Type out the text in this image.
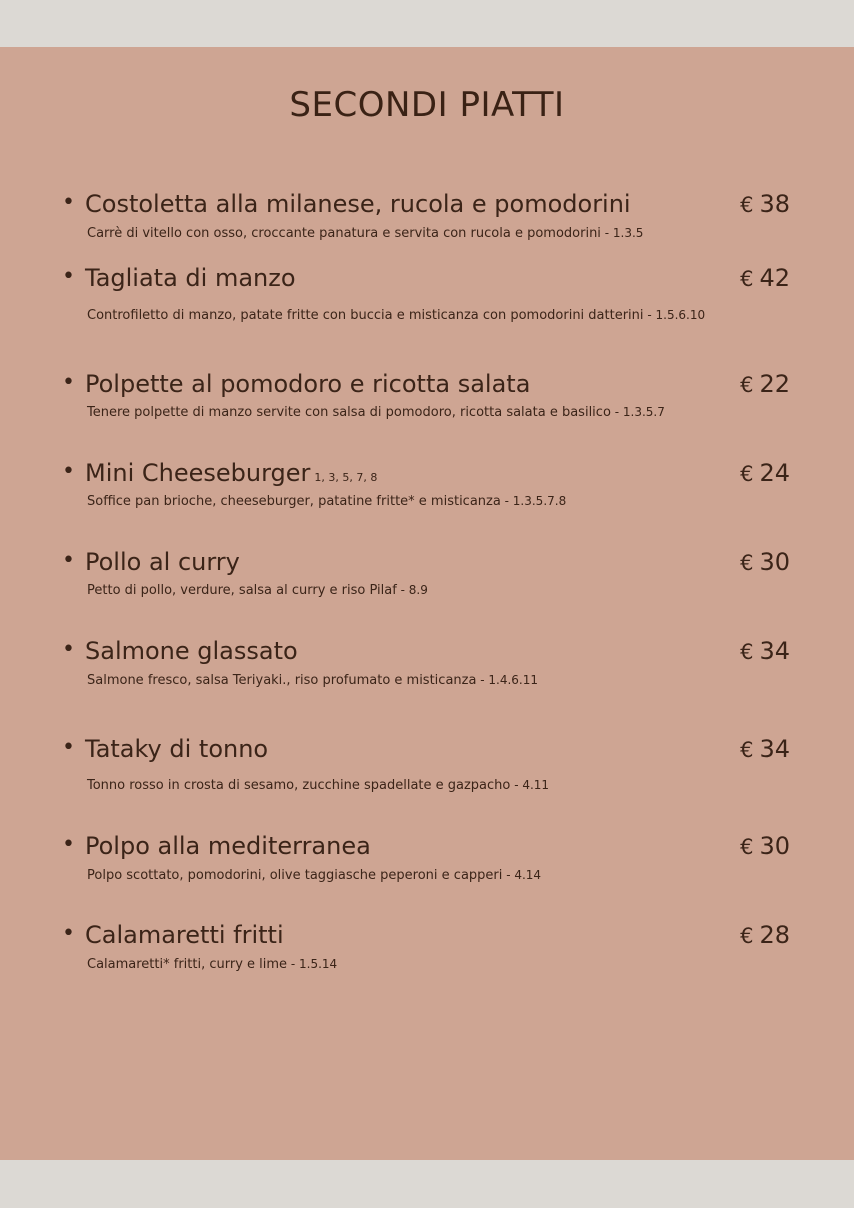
SECONDI PIATTI
• Costoletta alla milanese, rucola e pomodorini	€ 38
Carrè di vitello con osso, croccante panatura e servita con rucola e pomodorini - 1.3.5
• Tagliata di manzo	€ 42
Controfiletto di manzo, patate fritte con buccia e misticanza con pomodorini datterini - 1.5.6.10
• Polpette al pomodoro e ricotta salata	€ 22
Tenere polpette di manzo servite con salsa di pomodoro, ricotta salata e basilico - 1.3.5.7
• Mini Cheeseburger 1, 3, 5, 7, 8	€ 24
Soffice pan brioche, cheeseburger, patatine fritte* e misticanza - 1.3.5.7.8
• Pollo al curry	€ 30
Petto di pollo, verdure, salsa al curry e riso Pilaf - 8.9
• Salmone glassato	€ 34
Salmone fresco, salsa Teriyaki., riso profumato e misticanza - 1.4.6.11
• Tataky di tonno	€ 34
Tonno rosso in crosta di sesamo, zucchine spadellate e gazpacho - 4.11
• Polpo alla mediterranea	€ 30
Polpo scottato, pomodorini, olive taggiasche peperoni e capperi - 4.14
• Calamaretti fritti	€ 28
Calamaretti* fritti, curry e lime - 1.5.14
